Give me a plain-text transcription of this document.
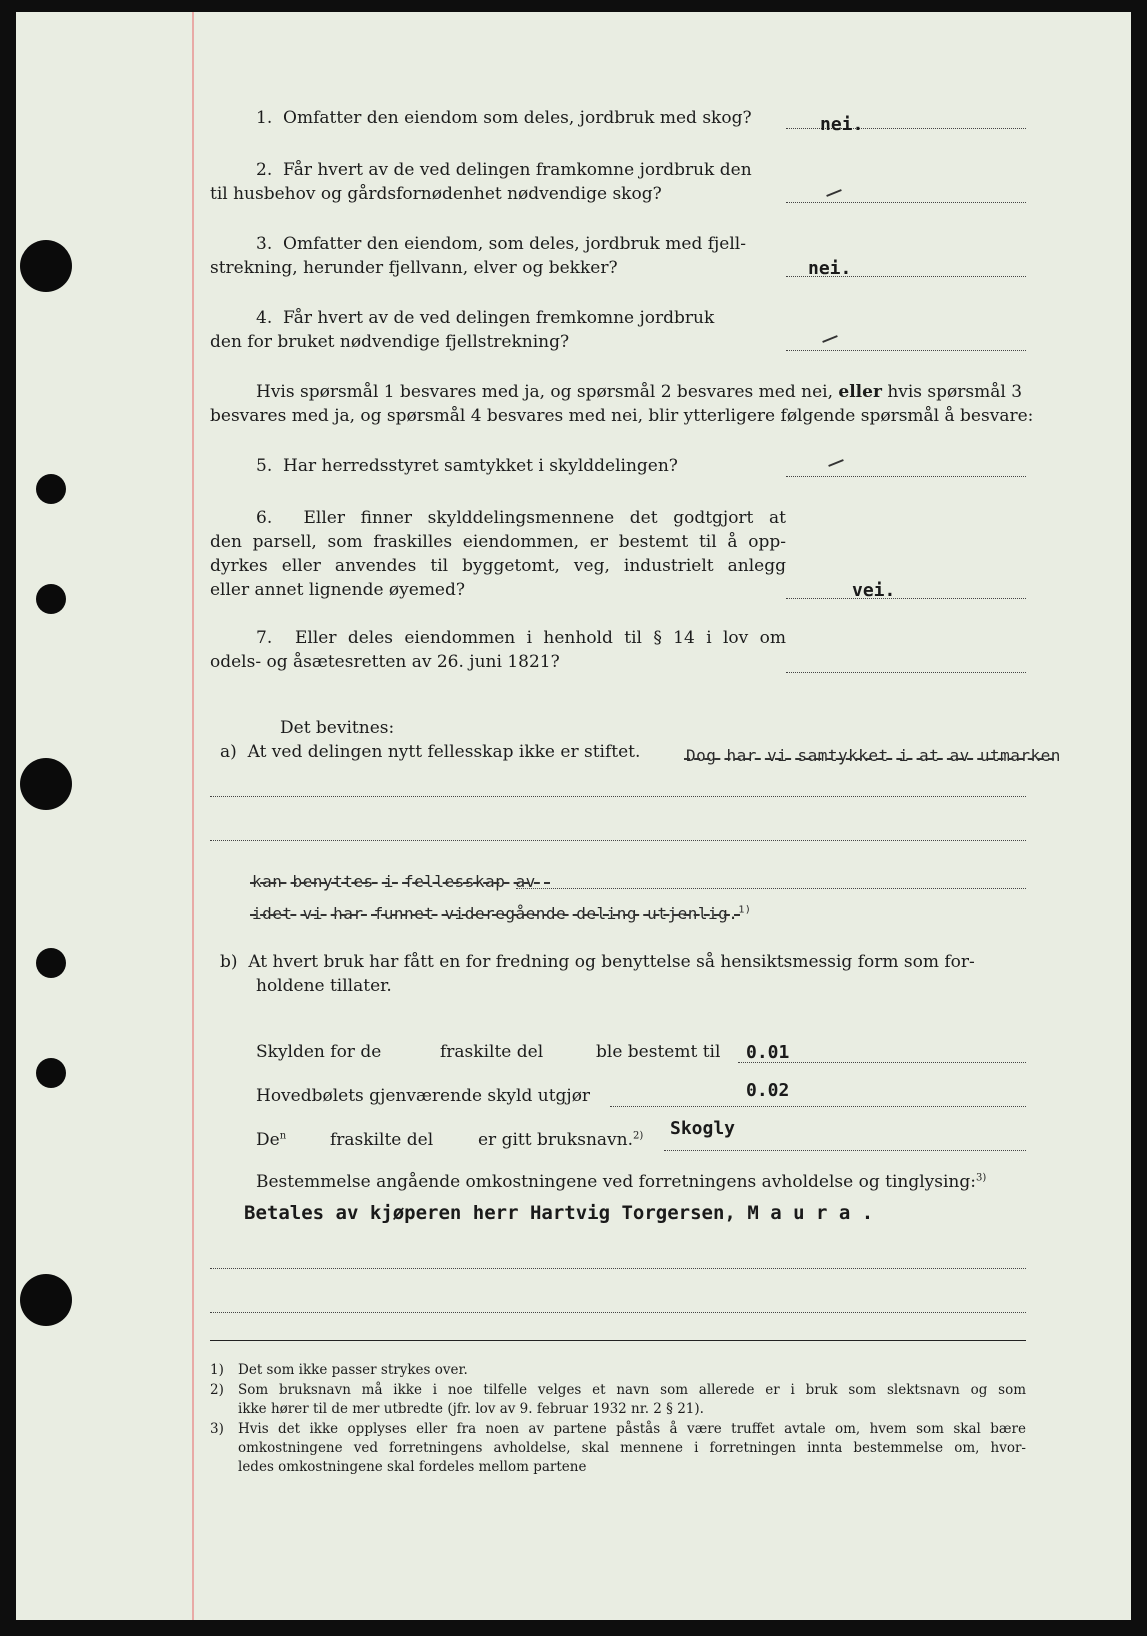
1. Omfatter den eiendom som deles, jordbruk med skog?	nei.
2. Får hvert av de ved delingen framkomne jordbruk den
til husbehov og gårdsfornødenhet nødvendige skog?
3. Omfatter den eiendom, som deles, jordbruk med fjell-
strekning, herunder fjellvann, elver og bekker?	nei.
4. Får hvert av de ved delingen fremkomne jordbruk
den for bruket nødvendige fjellstrekning?
Hvis spørsmål 1 besvares med ja, og spørsmål 2 besvares med nei, eller hvis spørsmål 3
besvares med ja, og spørsmål 4 besvares med nei, blir ytterligere følgende spørsmål å besvare:
5. Har herredsstyret samtykket i skylddelingen?
6. Eller finner skylddelingsmennene det godtgjort at
den parsell, som fraskilles eiendommen, er bestemt til å opp-
dyrkes eller anvendes til byggetomt, veg, industrielt anlegg
eller annet lignende øyemed?	vei.
7. Eller deles eiendommen i henhold til § 14 i lov om
odels- og åsætesretten av 26. juni 1821?
Det bevitnes:
a) At ved delingen nytt fellesskap ikke er stiftet.	Dog har vi samtykket i at av utmarken
kan benyttes i fellesskap av
idet vi har funnet videregående deling utjenlig.$^{1)}$
b) At hvert bruk har fått en for fredning og benyttelse så hensiktsmessig form som for-
holdene tillater.
Skylden for de	fraskilte del	ble bestemt til 0.01
Hovedbølets gjenværende skyld utgjør	0.02
De$^n$	fraskilte del	er gitt bruksnavn.$^{2)}$ Skogly
Bestemmelse angående omkostningene ved forretningens avholdelse og tinglysing:$^{3)}$
Betales av kjøperen herr Hartvig Torgersen, M a u r a .
1) Det som ikke passer strykes over.
2) Som bruksnavn må ikke i noe tilfelle velges et navn som allerede er i bruk som slektsnavn og som
ikke hører til de mer utbredte (jfr. lov av 9. februar 1932 nr. 2 § 21).
3) Hvis det ikke opplyses eller fra noen av partene påstås å være truffet avtale om, hvem som skal bære
omkostningene ved forretningens avholdelse, skal mennene i forretningen innta bestemmelse om, hvor-
ledes omkostningene skal fordeles mellom partene
